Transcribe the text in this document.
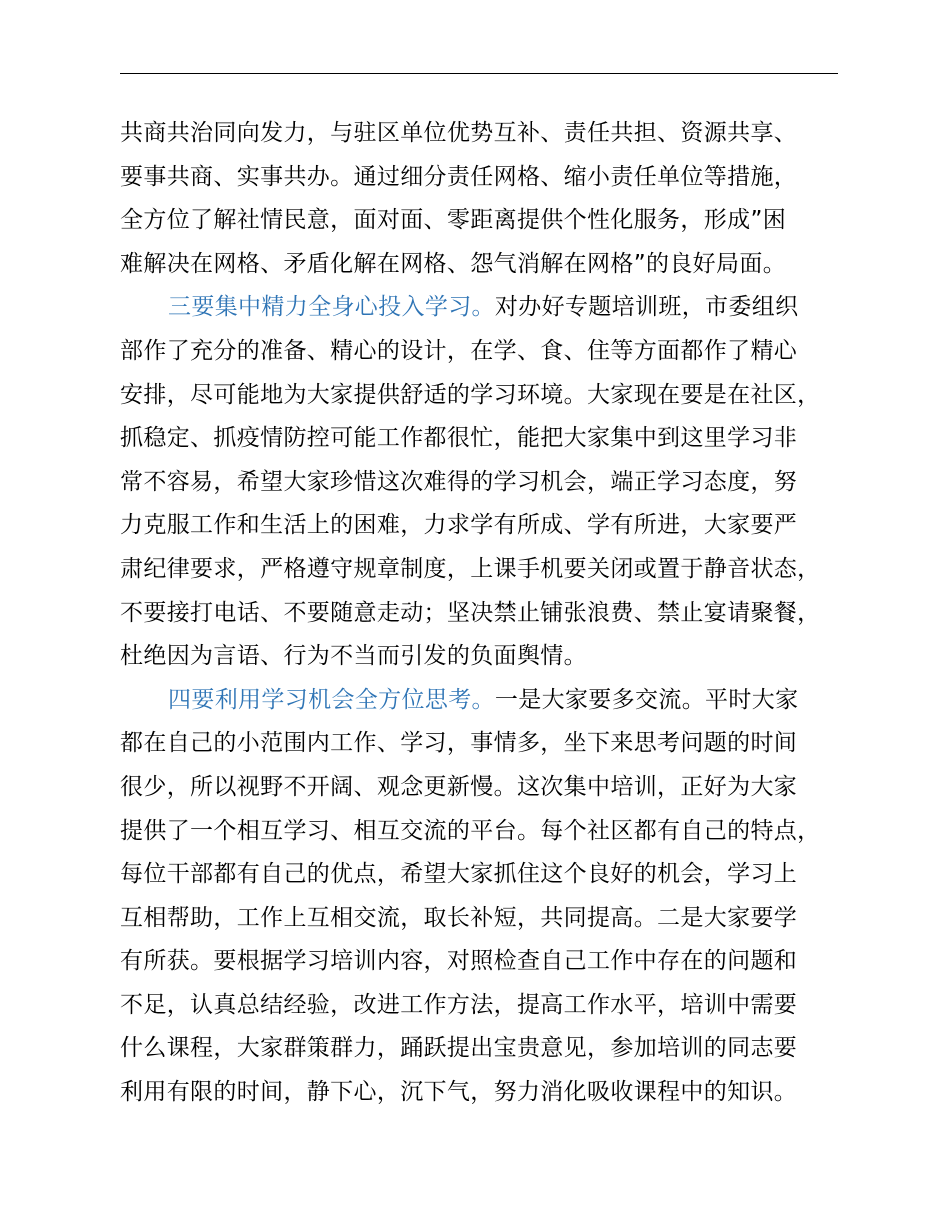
共商共治同向发力，与驻区单位优势互补、责任共担、资源共享、
要事共商、实事共办。通过细分责任网格、缩小责任单位等措施，
全方位了解社情民意，面对面、零距离提供个性化服务，形成”困
难解决在网格、矛盾化解在网格、怨气消解在网格”的良好局面。
三要集中精力全身心投入学习。对办好专题培训班，市委组织
部作了充分的准备、精心的设计，在学、食、住等方面都作了精心
安排，尽可能地为大家提供舒适的学习环境。大家现在要是在社区，
抓稳定、抓疫情防控可能工作都很忙，能把大家集中到这里学习非
常不容易，希望大家珍惜这次难得的学习机会，端正学习态度，努
力克服工作和生活上的困难，力求学有所成、学有所进，大家要严
肃纪律要求，严格遵守规章制度，上课手机要关闭或置于静音状态，
不要接打电话、不要随意走动；坚决禁止铺张浪费、禁止宴请聚餐，
杜绝因为言语、行为不当而引发的负面舆情。
四要利用学习机会全方位思考。一是大家要多交流。平时大家
都在自己的小范围内工作、学习，事情多，坐下来思考问题的时间
很少，所以视野不开阔、观念更新慢。这次集中培训，正好为大家
提供了一个相互学习、相互交流的平台。每个社区都有自己的特点，
每位干部都有自己的优点，希望大家抓住这个良好的机会，学习上
互相帮助，工作上互相交流，取长补短，共同提高。二是大家要学
有所获。要根据学习培训内容，对照检查自己工作中存在的问题和
不足，认真总结经验，改进工作方法，提高工作水平，培训中需要
什么课程，大家群策群力，踊跃提出宝贵意见，参加培训的同志要
利用有限的时间，静下心，沉下气，努力消化吸收课程中的知识。
